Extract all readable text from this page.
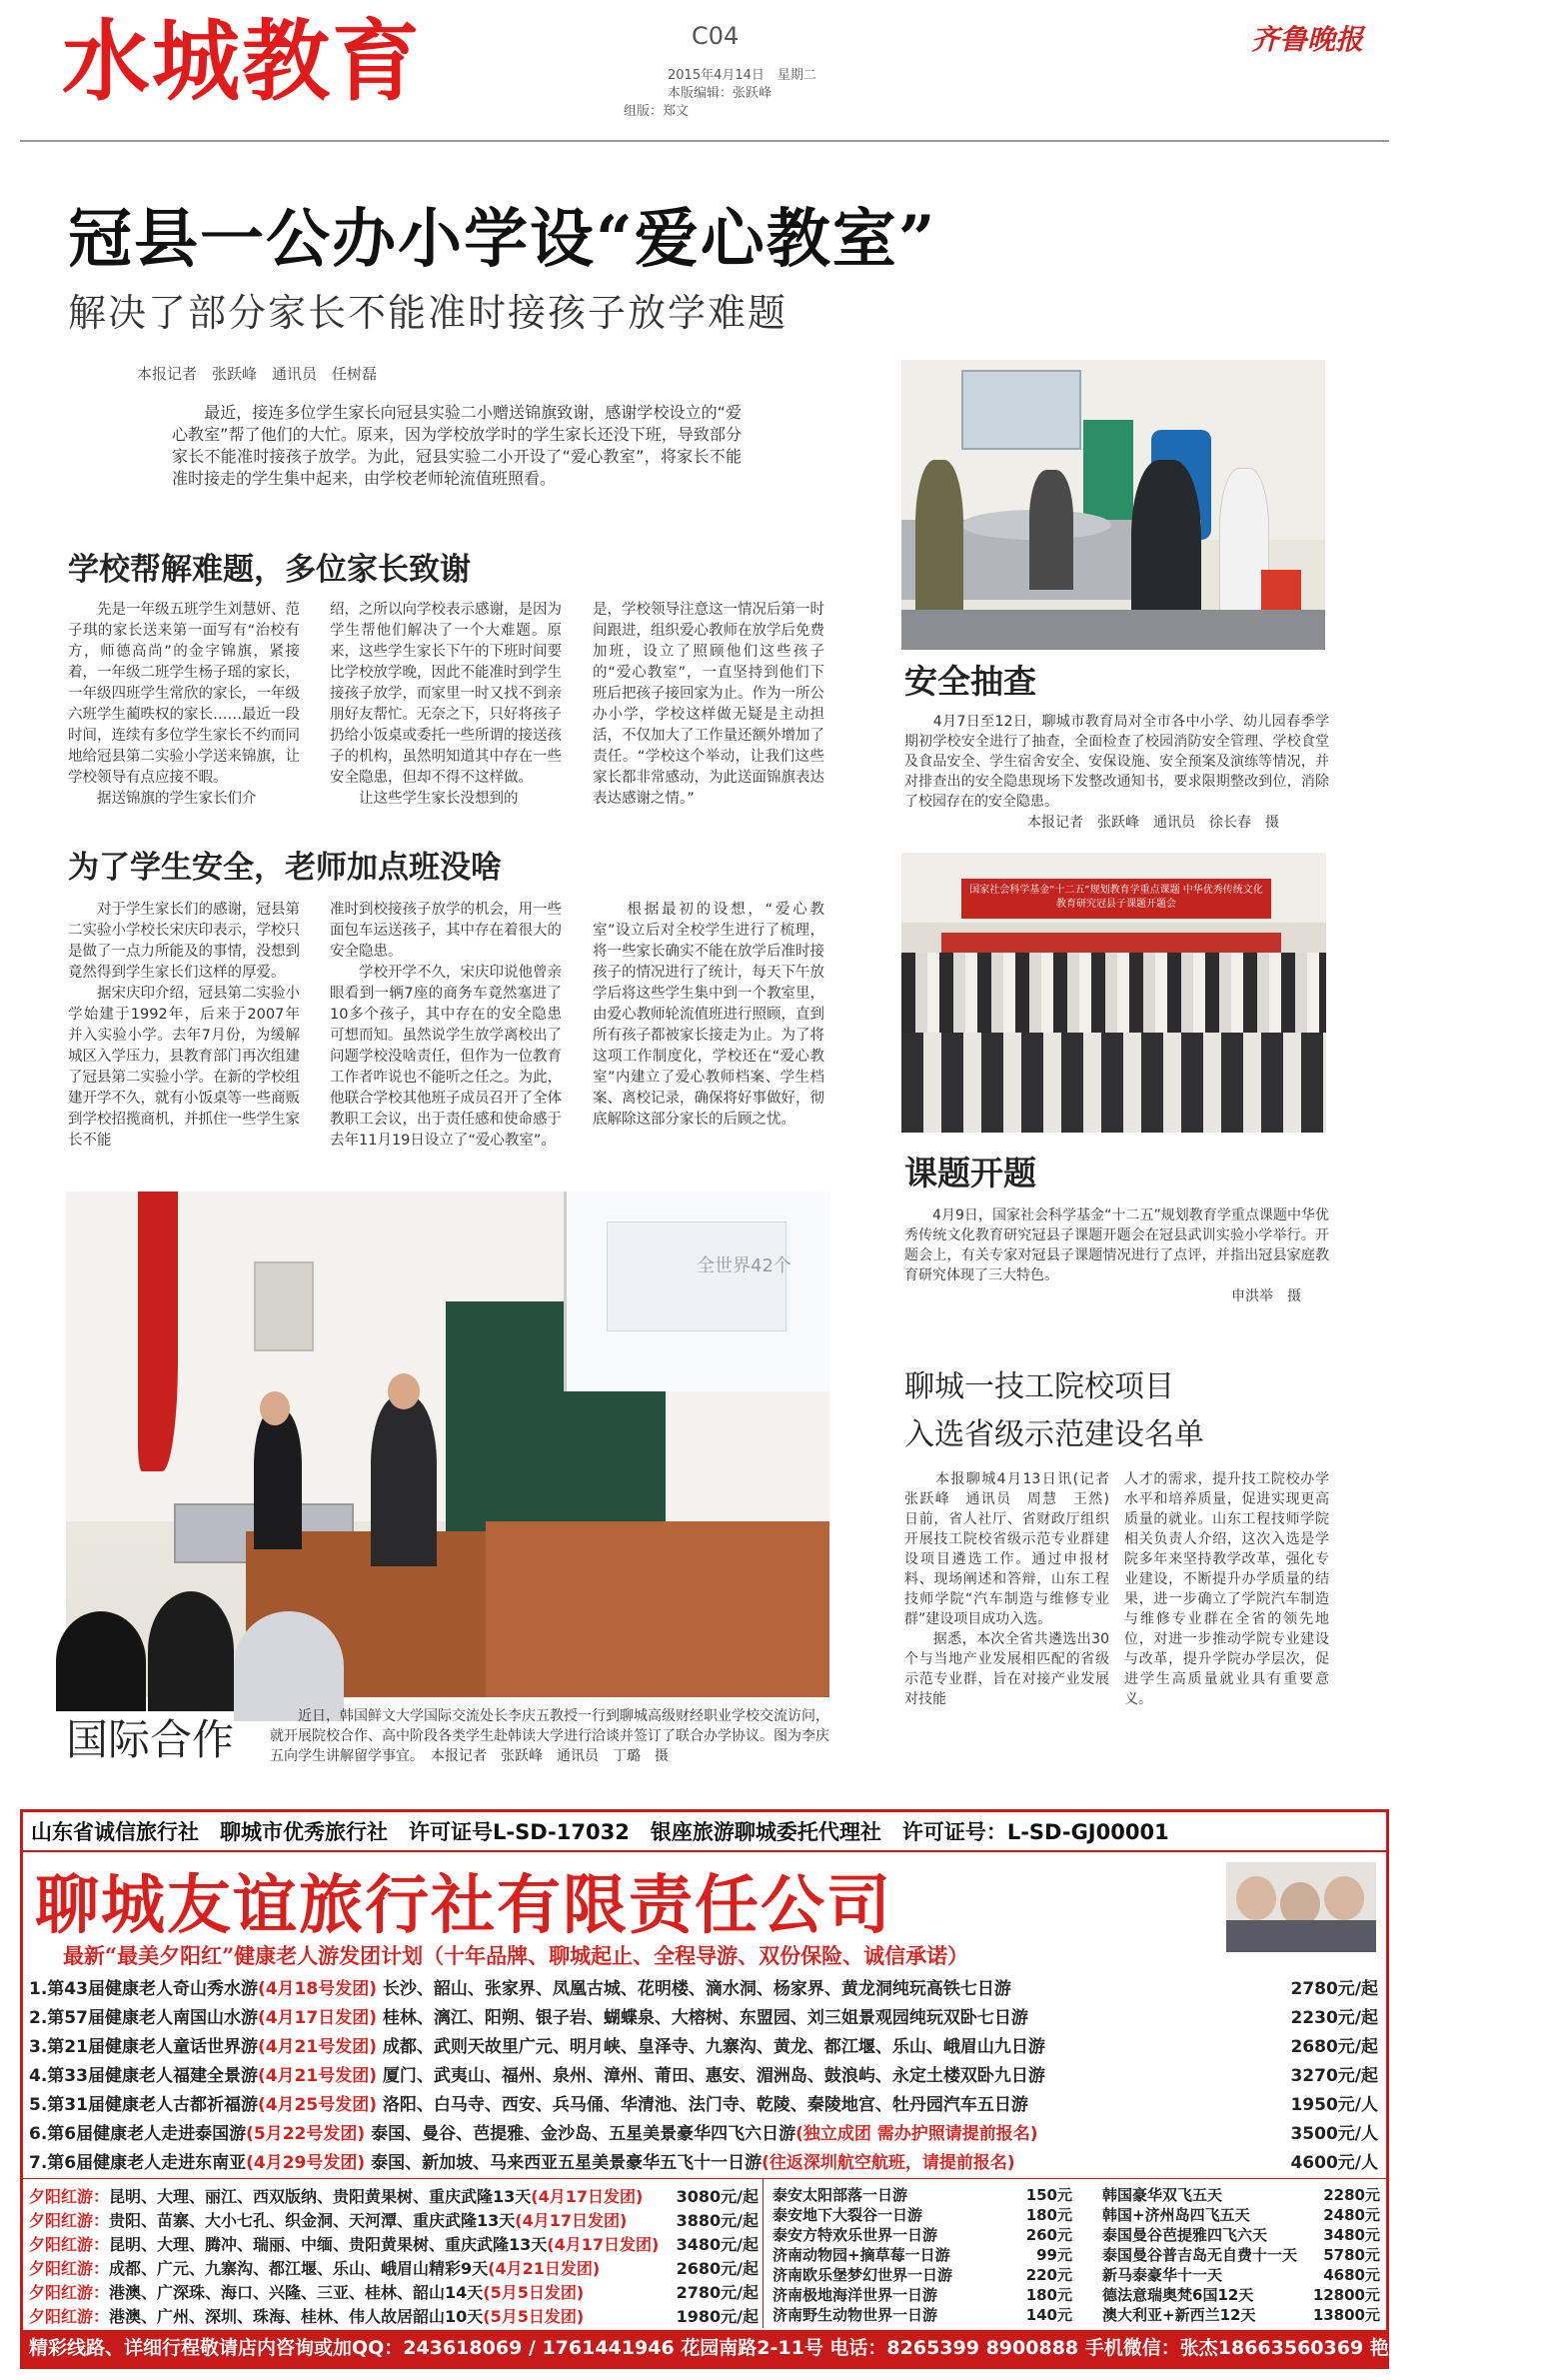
水城教育	C04
2015年4月14日　星期二
本版编辑：张跃峰
组版：郑文
齐鲁晚报
冠县一公办小学设“爱心教室”
解决了部分家长不能准时接孩子放学难题
本报记者　张跃峰　通讯员　任树磊
　　最近，接连多位学生家长向冠县实验二小赠送锦旗致谢，感谢学校设立的“爱心教室”帮了他们的大忙。原来，因为学校放学时的学生家长还没下班，导致部分家长不能准时接孩子放学。为此，冠县实验二小开设了“爱心教室”，将家长不能准时接走的学生集中起来，由学校老师轮流值班照看。
学校帮解难题，多位家长致谢
　　先是一年级五班学生刘慧妍、范子琪的家长送来第一面写有“治校有方，师德高尚”的金字锦旗，紧接着，一年级二班学生杨子瑶的家长，一年级四班学生常欣的家长，一年级六班学生蔺昳权的家长……最近一段时间，连续有多位学生家长不约而同地给冠县第二实验小学送来锦旗，让学校领导有点应接不暇。
　　据送锦旗的学生家长们介
绍，之所以向学校表示感谢，是因为学生帮他们解决了一个大难题。原来，这些学生家长下午的下班时间要比学校放学晚，因此不能准时到学生接孩子放学，而家里一时又找不到亲朋好友帮忙。无奈之下，只好将孩子扔给小饭桌或委托一些所谓的接送孩子的机构，虽然明知道其中存在一些安全隐患，但却不得不这样做。
　　让这些学生家长没想到的
是，学校领导注意这一情况后第一时间跟进，组织爱心教师在放学后免费加班，设立了照顾他们这些孩子的“爱心教室”，一直坚持到他们下班后把孩子接回家为止。作为一所公办小学，学校这样做无疑是主动担活，不仅加大了工作量还额外增加了责任。“学校这个举动，让我们这些家长都非常感动，为此送面锦旗表达表达感谢之情。”
为了学生安全，老师加点班没啥
　　对于学生家长们的感谢，冠县第二实验小学校长宋庆印表示，学校只是做了一点力所能及的事情，没想到竟然得到学生家长们这样的厚爱。
　　据宋庆印介绍，冠县第二实验小学始建于1992年，后来于2007年并入实验小学。去年7月份，为缓解城区入学压力，县教育部门再次组建了冠县第二实验小学。在新的学校组建开学不久，就有小饭桌等一些商贩到学校招揽商机，并抓住一些学生家长不能
准时到校接孩子放学的机会，用一些面包车运送孩子，其中存在着很大的安全隐患。
　　学校开学不久，宋庆印说他曾亲眼看到一辆7座的商务车竟然塞进了10多个孩子，其中存在的安全隐患可想而知。虽然说学生放学离校出了问题学校没啥责任，但作为一位教育工作者咋说也不能听之任之。为此，他联合学校其他班子成员召开了全体教职工会议，出于责任感和使命感于去年11月19日设立了“爱心教室”。
　　根据最初的设想，“爱心教室”设立后对全校学生进行了梳理，将一些家长确实不能在放学后准时接孩子的情况进行了统计，每天下午放学后将这些学生集中到一个教室里，由爱心教师轮流值班进行照顾，直到所有孩子都被家长接走为止。为了将这项工作制度化，学校还在“爱心教室”内建立了爱心教师档案、学生档案、离校记录，确保将好事做好，彻底解除这部分家长的后顾之忧。
全世界42个
国际合作	　　近日，韩国鲜文大学国际交流处长李庆五教授一行到聊城高级财经职业学校交流访问，就开展院校合作、高中阶段各类学生赴韩读大学进行洽谈并签订了联合办学协议。图为李庆五向学生讲解留学事宜。　本报记者　张跃峰　通讯员　丁璐　摄
安全抽查
　　4月7日至12日，聊城市教育局对全市各中小学、幼儿园春季学期初学校安全进行了抽查，全面检查了校园消防安全管理、学校食堂及食品安全、学生宿舍安全、安保设施、安全预案及演练等情况，并对排查出的安全隐患现场下发整改通知书，要求限期整改到位，消除了校园存在的安全隐患。
本报记者　张跃峰　通讯员　徐长春　摄
国家社会科学基金“十二五”规划教育学重点课题 中华优秀传统文化教育研究冠县子课题开题会
课题开题
　　4月9日，国家社会科学基金“十二五”规划教育学重点课题中华优秀传统文化教育研究冠县子课题开题会在冠县武训实验小学举行。开题会上，有关专家对冠县子课题情况进行了点评，并指出冠县家庭教育研究体现了三大特色。
申洪举　摄
聊城一技工院校项目
入选省级示范建设名单
　　本报聊城4月13日讯(记者　张跃峰　通讯员　周慧　王然)　日前，省人社厅、省财政厅组织开展技工院校省级示范专业群建设项目遴选工作。通过申报材料、现场阐述和答辩，山东工程技师学院“汽车制造与维修专业群”建设项目成功入选。
　　据悉，本次全省共遴选出30个与当地产业发展相匹配的省级示范专业群，旨在对接产业发展对技能
人才的需求，提升技工院校办学水平和培养质量，促进实现更高质量的就业。山东工程技师学院相关负责人介绍，这次入选是学院多年来坚持教学改革，强化专业建设，不断提升办学质量的结果，进一步确立了学院汽车制造与维修专业群在全省的领先地位，对进一步推动学院专业建设与改革，提升学院办学层次，促进学生高质量就业具有重要意义。
山东省诚信旅行社　聊城市优秀旅行社　许可证号L-SD-17032　银座旅游聊城委托代理社　许可证号：L-SD-GJ00001
聊城友谊旅行社有限责任公司
最新“最美夕阳红”健康老人游发团计划（十年品牌、聊城起止、全程导游、双份保险、诚信承诺）
精彩线路、详细行程敬请店内咨询或加QQ：243618069 / 1761441946 花园南路2-11号 电话：8265399 8900888 手机微信：张杰18663560369 艳菲18663560258
1.第43届健康老人奇山秀水游(4月18号发团) 长沙、韶山、张家界、凤凰古城、花明楼、滴水洞、杨家界、黄龙洞纯玩高铁七日游	2780元/起
2.第57届健康老人南国山水游(4月17日发团) 桂林、漓江、阳朔、银子岩、蝴蝶泉、大榕树、东盟园、刘三姐景观园纯玩双卧七日游	2230元/起
3.第21届健康老人童话世界游(4月21号发团) 成都、武则天故里广元、明月峡、皇泽寺、九寨沟、黄龙、都江堰、乐山、峨眉山九日游	2680元/起
4.第33届健康老人福建全景游(4月21号发团) 厦门、武夷山、福州、泉州、漳州、莆田、惠安、湄洲岛、鼓浪屿、永定土楼双卧九日游	3270元/起
5.第31届健康老人古都祈福游(4月25号发团) 洛阳、白马寺、西安、兵马俑、华清池、法门寺、乾陵、秦陵地宫、牡丹园汽车五日游	1950元/人
6.第6届健康老人走进泰国游(5月22号发团) 泰国、曼谷、芭提雅、金沙岛、五星美景豪华四飞六日游(独立成团 需办护照请提前报名)	3500元/人
7.第6届健康老人走进东南亚(4月29号发团) 泰国、新加坡、马来西亚五星美景豪华五飞十一日游(往返深圳航空航班，请提前报名)	4600元/人
夕阳红游：昆明、大理、丽江、西双版纳、贵阳黄果树、重庆武隆13天(4月17日发团)	3080元/起
夕阳红游：贵阳、苗寨、大小七孔、织金洞、天河潭、重庆武隆13天(4月17日发团)	3880元/起
夕阳红游：昆明、大理、腾冲、瑞丽、中缅、贵阳黄果树、重庆武隆13天(4月17日发团)	3480元/起
夕阳红游：成都、广元、九寨沟、都江堰、乐山、峨眉山精彩9天(4月21日发团)	2680元/起
夕阳红游：港澳、广深珠、海口、兴隆、三亚、桂林、韶山14天(5月5日发团)	2780元/起
夕阳红游：港澳、广州、深圳、珠海、桂林、伟人故居韶山10天(5月5日发团)	1980元/起
泰安太阳部落一日游	150元
泰安地下大裂谷一日游	180元
泰安方特欢乐世界一日游	260元
济南动物园+摘草莓一日游	99元
济南欧乐堡梦幻世界一日游	220元
济南极地海洋世界一日游	180元
济南野生动物世界一日游	140元
韩国豪华双飞五天	2280元
韩国+济州岛四飞五天	2480元
泰国曼谷芭提雅四飞六天	3480元
泰国曼谷普吉岛无自费十一天	5780元
新马泰豪华十一天	4680元
德法意瑞奥梵6国12天	12800元
澳大利亚+新西兰12天	13800元
